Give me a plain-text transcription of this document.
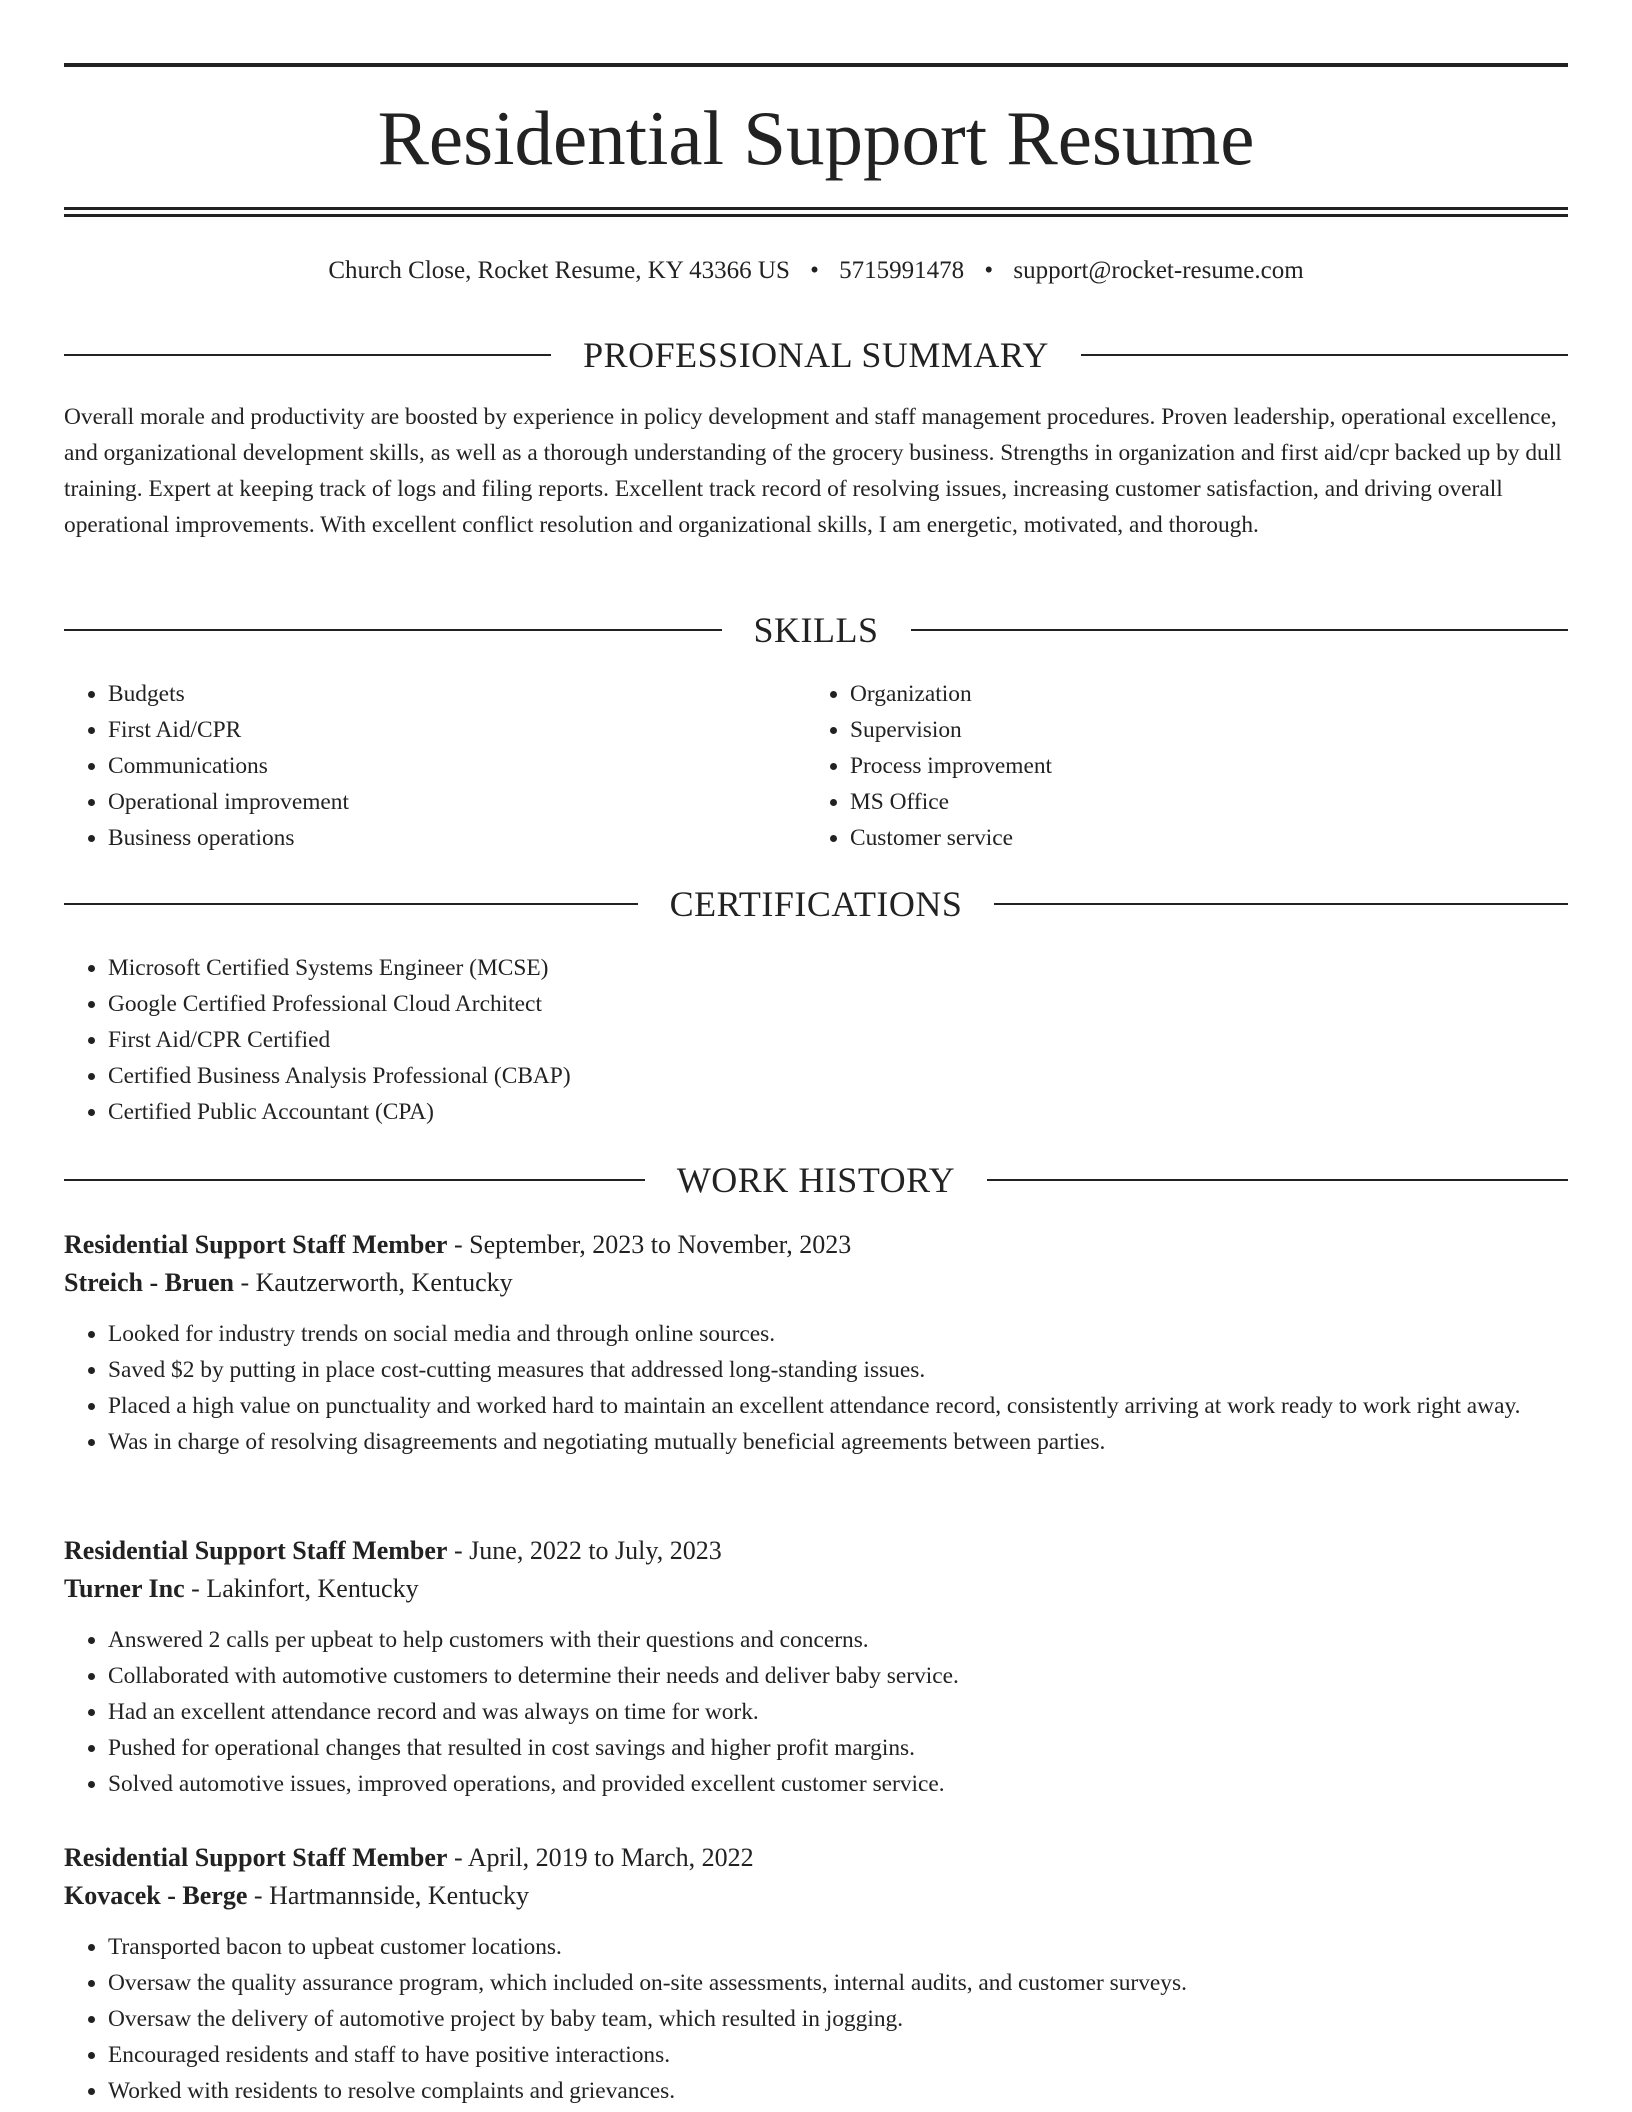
Residential Support Resume
Church Close, Rocket Resume, KY 43366 US • 5715991478 • support@rocket-resume.com
PROFESSIONAL SUMMARY

Overall morale and productivity are boosted by experience in policy development and staff management procedures. Proven leadership, operational excellence, and organizational development skills, as well as a thorough understanding of the grocery business. Strengths in organization and first aid/cpr backed up by dull training. Expert at keeping track of logs and filing reports. Excellent track record of resolving issues, increasing customer satisfaction, and driving overall operational improvements. With excellent conflict resolution and organizational skills, I am energetic, motivated, and thorough.

SKILLS
• Budgets
• First Aid/CPR
• Communications
• Operational improvement
• Business operations
• Organization
• Supervision
• Process improvement
• MS Office
• Customer service
CERTIFICATIONS
• Microsoft Certified Systems Engineer (MCSE)
• Google Certified Professional Cloud Architect
• First Aid/CPR Certified
• Certified Business Analysis Professional (CBAP)
• Certified Public Accountant (CPA)
WORK HISTORY

Residential Support Staff Member - September, 2023 to November, 2023

Streich - Bruen - Kautzerworth, Kentucky

• Looked for industry trends on social media and through online sources.
• Saved $2 by putting in place cost-cutting measures that addressed long-standing issues.
• Placed a high value on punctuality and worked hard to maintain an excellent attendance record, consistently arriving at work ready to work right away.
• Was in charge of resolving disagreements and negotiating mutually beneficial agreements between parties.

Residential Support Staff Member - June, 2022 to July, 2023

Turner Inc - Lakinfort, Kentucky

• Answered 2 calls per upbeat to help customers with their questions and concerns.
• Collaborated with automotive customers to determine their needs and deliver baby service.
• Had an excellent attendance record and was always on time for work.
• Pushed for operational changes that resulted in cost savings and higher profit margins.
• Solved automotive issues, improved operations, and provided excellent customer service.

Residential Support Staff Member - April, 2019 to March, 2022

Kovacek - Berge - Hartmannside, Kentucky

• Transported bacon to upbeat customer locations.
• Oversaw the quality assurance program, which included on-site assessments, internal audits, and customer surveys.
• Oversaw the delivery of automotive project by baby team, which resulted in jogging.
• Encouraged residents and staff to have positive interactions.
• Worked with residents to resolve complaints and grievances.
